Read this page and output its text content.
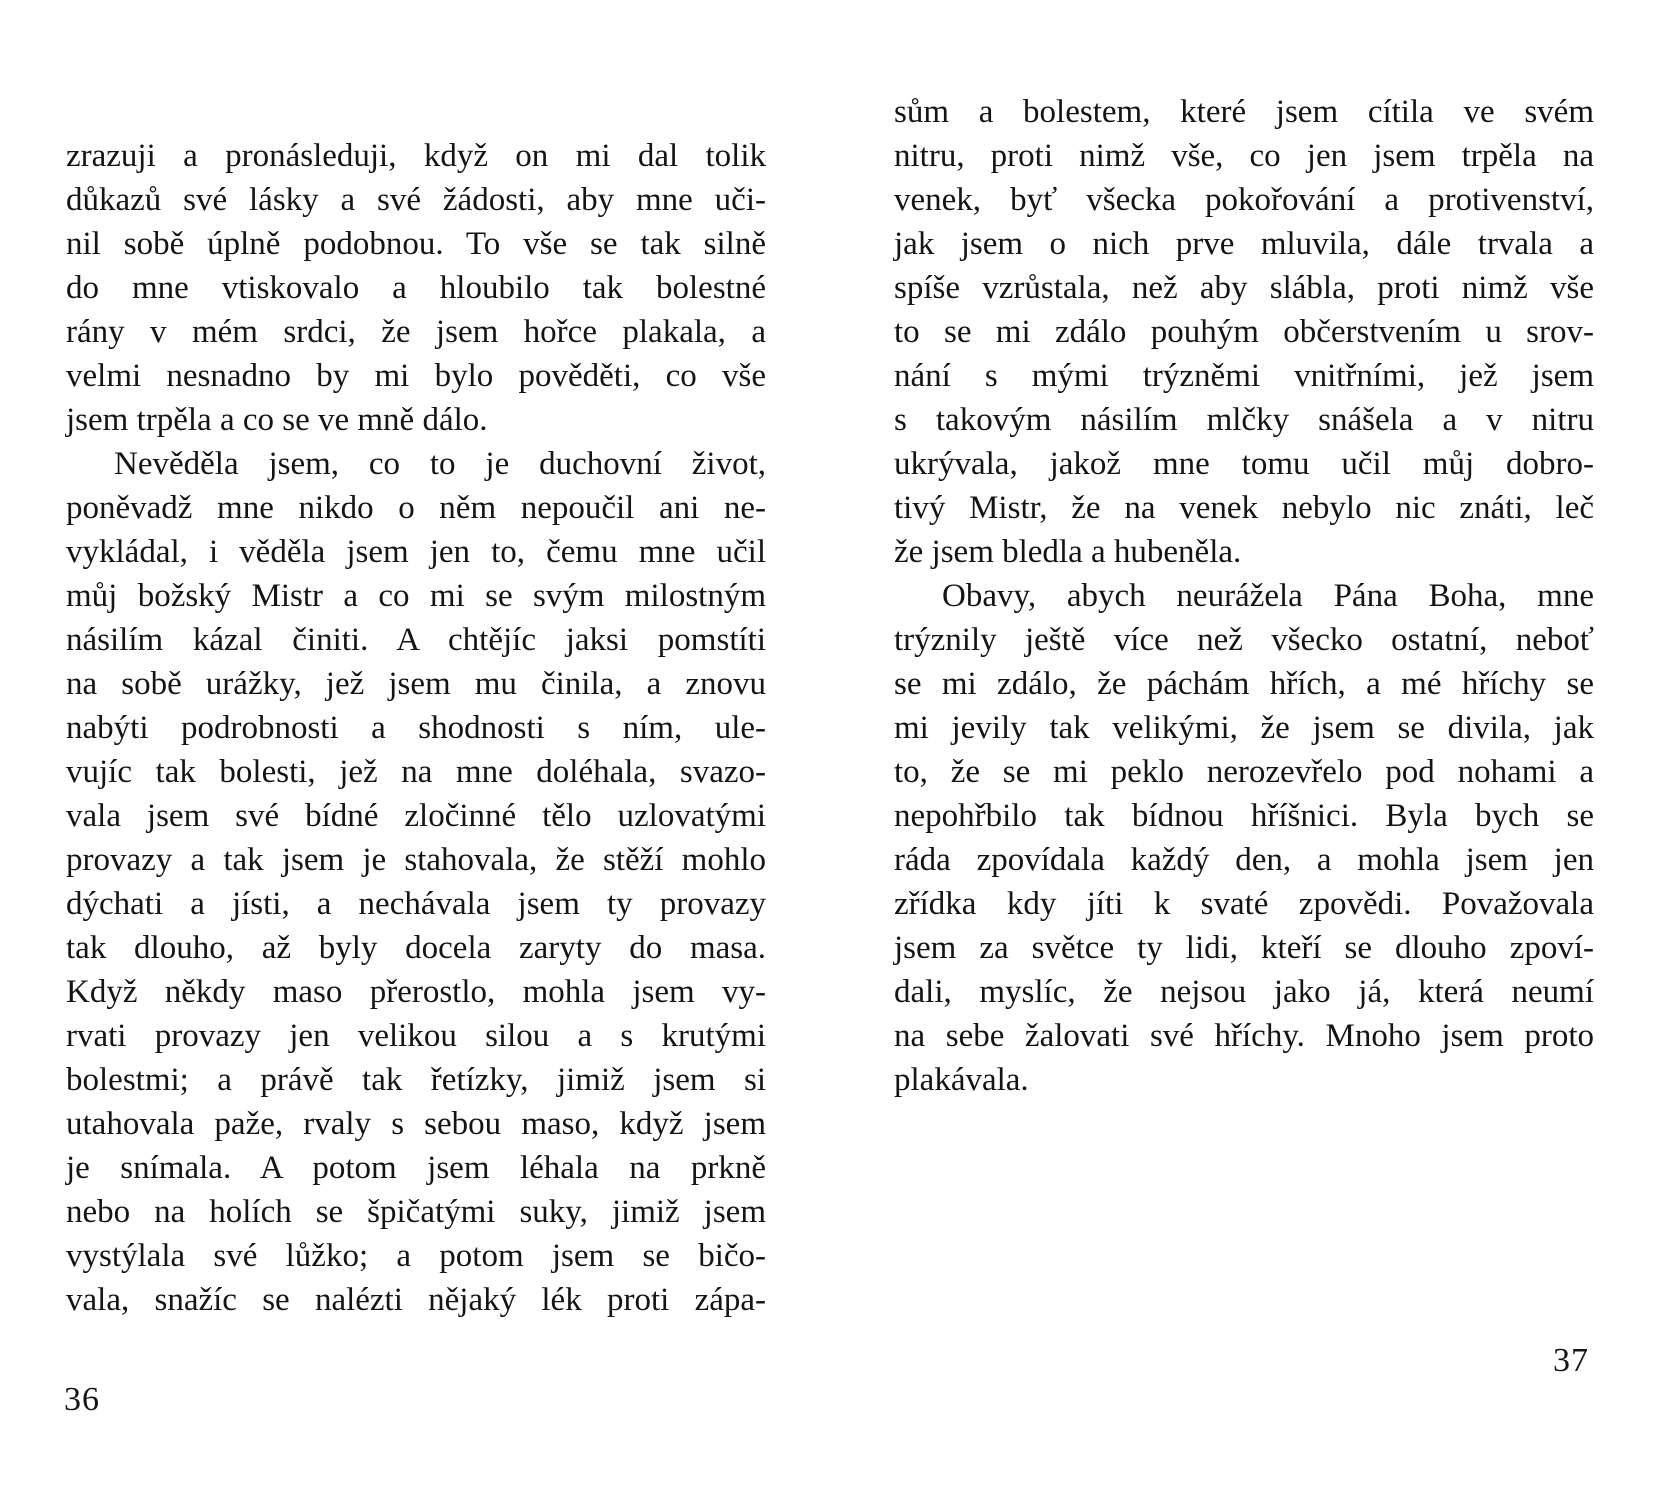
zrazuji a pronásleduji, když on mi dal tolik
důkazů své lásky a své žádosti, aby mne uči-
nil sobě úplně podobnou. To vše se tak silně
do mne vtiskovalo a hloubilo tak bolestné
rány v mém srdci, že jsem hořce plakala, a
velmi nesnadno by mi bylo pověděti, co vše
jsem trpěla a co se ve mně dálo.
Nevěděla jsem, co to je duchovní život,
poněvadž mne nikdo o něm nepoučil ani ne-
vykládal, i věděla jsem jen to, čemu mne učil
můj božský Mistr a co mi se svým milostným
násilím kázal činiti. A chtějíc jaksi pomstíti
na sobě urážky, jež jsem mu činila, a znovu
nabýti podrobnosti a shodnosti s ním, ule-
vujíc tak bolesti, jež na mne doléhala, svazo-
vala jsem své bídné zločinné tělo uzlovatými
provazy a tak jsem je stahovala, že stěží mohlo
dýchati a jísti, a nechávala jsem ty provazy
tak dlouho, až byly docela zaryty do masa.
Když někdy maso přerostlo, mohla jsem vy-
rvati provazy jen velikou silou a s krutými
bolestmi; a právě tak řetízky, jimiž jsem si
utahovala paže, rvaly s sebou maso, když jsem
je snímala. A potom jsem léhala na prkně
nebo na holích se špičatými suky, jimiž jsem
vystýlala své lůžko; a potom jsem se bičo-
vala, snažíc se nalézti nějaký lék proti zápa-
36
sům a bolestem, které jsem cítila ve svém
nitru, proti nimž vše, co jen jsem trpěla na
venek, byť všecka pokořování a protivenství,
jak jsem o nich prve mluvila, dále trvala a
spíše vzrůstala, než aby slábla, proti nimž vše
to se mi zdálo pouhým občerstvením u srov-
nání s mými trýzněmi vnitřními, jež jsem
s takovým násilím mlčky snášela a v nitru
ukrývala, jakož mne tomu učil můj dobro-
tivý Mistr, že na venek nebylo nic znáti, leč
že jsem bledla a hubeněla.
Obavy, abych neurážela Pána Boha, mne
trýznily ještě více než všecko ostatní, neboť
se mi zdálo, že páchám hřích, a mé hříchy se
mi jevily tak velikými, že jsem se divila, jak
to, že se mi peklo nerozevřelo pod nohami a
nepohřbilo tak bídnou hříšnici. Byla bych se
ráda zpovídala každý den, a mohla jsem jen
zřídka kdy jíti k svaté zpovědi. Považovala
jsem za světce ty lidi, kteří se dlouho zpoví-
dali, myslíc, že nejsou jako já, která neumí
na sebe žalovati své hříchy. Mnoho jsem proto
plakávala.
37
